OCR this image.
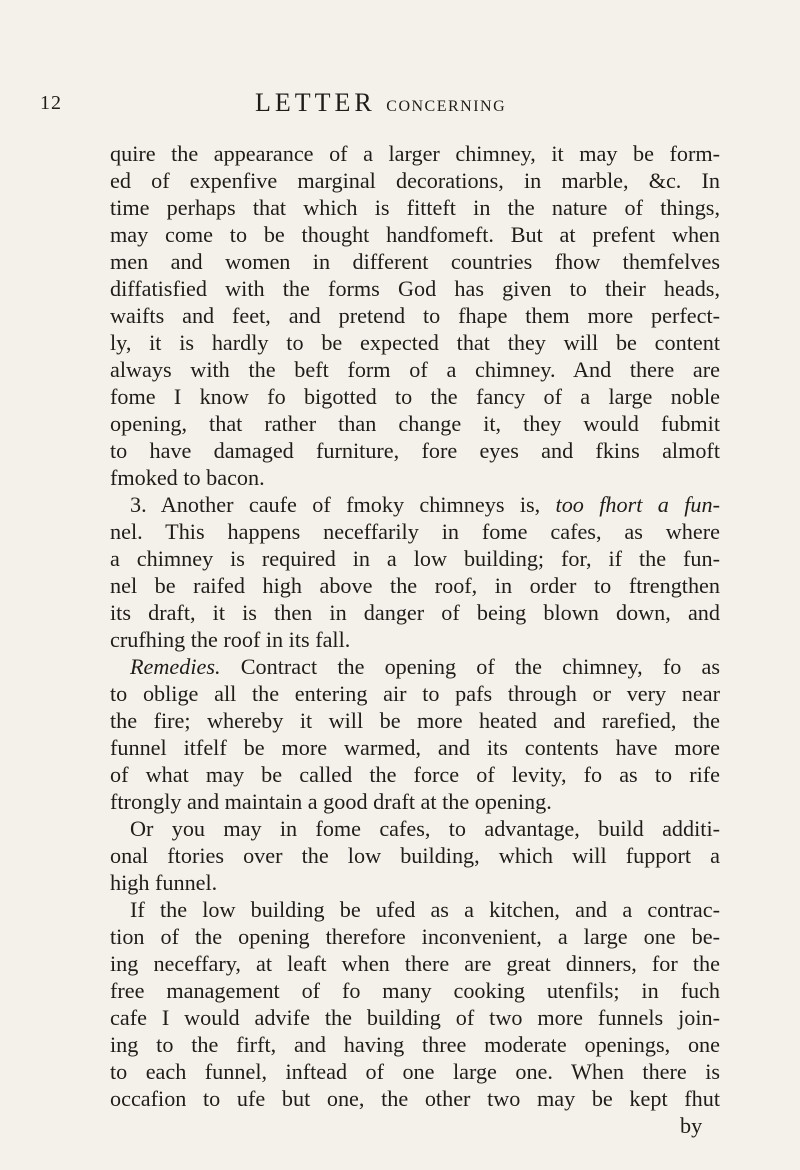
12	LETTER CONCERNING
quire the appearance of a larger chimney, it may be form-
ed of expenfive marginal decorations, in marble, &c. In
time perhaps that which is fitteft in the nature of things,
may come to be thought handfomeft. But at prefent when
men and women in different countries fhow themfelves
diffatisfied with the forms God has given to their heads,
waifts and feet, and pretend to fhape them more perfect-
ly, it is hardly to be expected that they will be content
always with the beft form of a chimney. And there are
fome I know fo bigotted to the fancy of a large noble
opening, that rather than change it, they would fubmit
to have damaged furniture, fore eyes and fkins almoft
fmoked to bacon.
3. Another caufe of fmoky chimneys is, too fhort a fun-
nel. This happens neceffarily in fome cafes, as where
a chimney is required in a low building; for, if the fun-
nel be raifed high above the roof, in order to ftrengthen
its draft, it is then in danger of being blown down, and
crufhing the roof in its fall.
Remedies. Contract the opening of the chimney, fo as
to oblige all the entering air to pafs through or very near
the fire; whereby it will be more heated and rarefied, the
funnel itfelf be more warmed, and its contents have more
of what may be called the force of levity, fo as to rife
ftrongly and maintain a good draft at the opening.
Or you may in fome cafes, to advantage, build additi-
onal ftories over the low building, which will fupport a
high funnel.
If the low building be ufed as a kitchen, and a contrac-
tion of the opening therefore inconvenient, a large one be-
ing neceffary, at leaft when there are great dinners, for the
free management of fo many cooking utenfils; in fuch
cafe I would advife the building of two more funnels join-
ing to the firft, and having three moderate openings, one
to each funnel, inftead of one large one. When there is
occafion to ufe but one, the other two may be kept fhut
by
